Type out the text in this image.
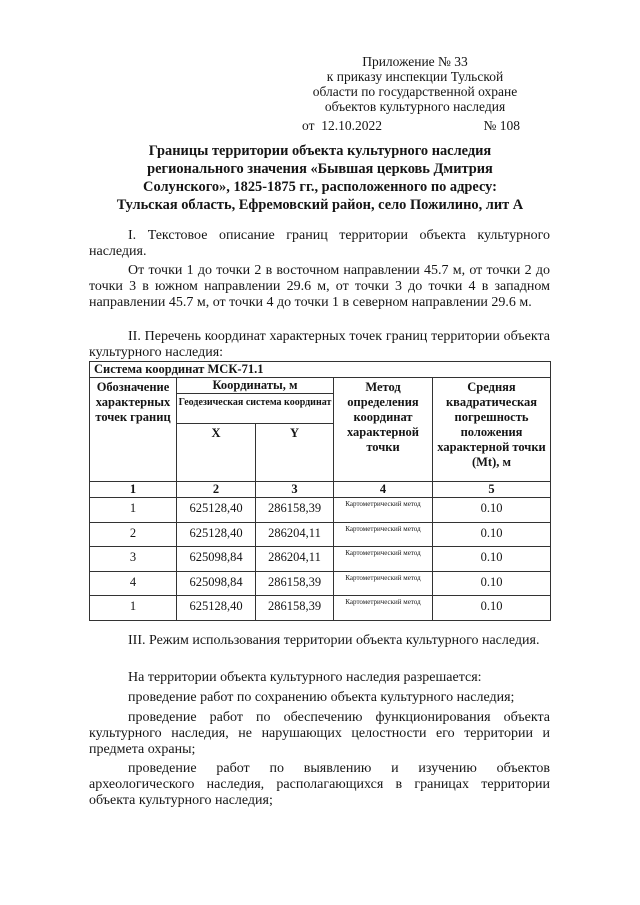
Приложение № 33
к приказу инспекции Тульской
области по государственной охране
объектов культурного наследия
от  12.10.2022	№ 108
Границы территории объекта культурного наследия
регионального значения «Бывшая церковь Дмитрия
Солунского», 1825-1875 гг., расположенного по адресу:
Тульская область, Ефремовский район, село Пожилино, лит А
I. Текстовое описание границ территории объекта культурного наследия.
От точки 1 до точки 2 в восточном направлении 45.7 м, от точки 2 до точки 3 в южном направлении 29.6 м, от точки 3 до точки 4 в западном направлении 45.7 м, от точки 4 до точки 1 в северном направлении 29.6 м.
II. Перечень координат характерных точек границ территории объекта культурного наследия:
Система координат МСК-71.1				
Обозначение характерных точек границ	Координаты, м		Метод определения координат характерной точки	Средняя квадратическая погрешность положения характерной точки (Mt), м
	Геодезическая система координат			
	X	Y		
1	2	3	4	5
1	625128,40	286158,39	Картометрический метод	0.10
2	625128,40	286204,11	Картометрический метод	0.10
3	625098,84	286204,11	Картометрический метод	0.10
4	625098,84	286158,39	Картометрический метод	0.10
1	625128,40	286158,39	Картометрический метод	0.10
III. Режим использования территории объекта культурного наследия.
На территории объекта культурного наследия разрешается:
проведение работ по сохранению объекта культурного наследия;
проведение работ по обеспечению функционирования объекта культурного наследия, не нарушающих целостности его территории и предмета охраны;
проведение работ по выявлению и изучению объектов археологического наследия, располагающихся в границах территории объекта культурного наследия;
